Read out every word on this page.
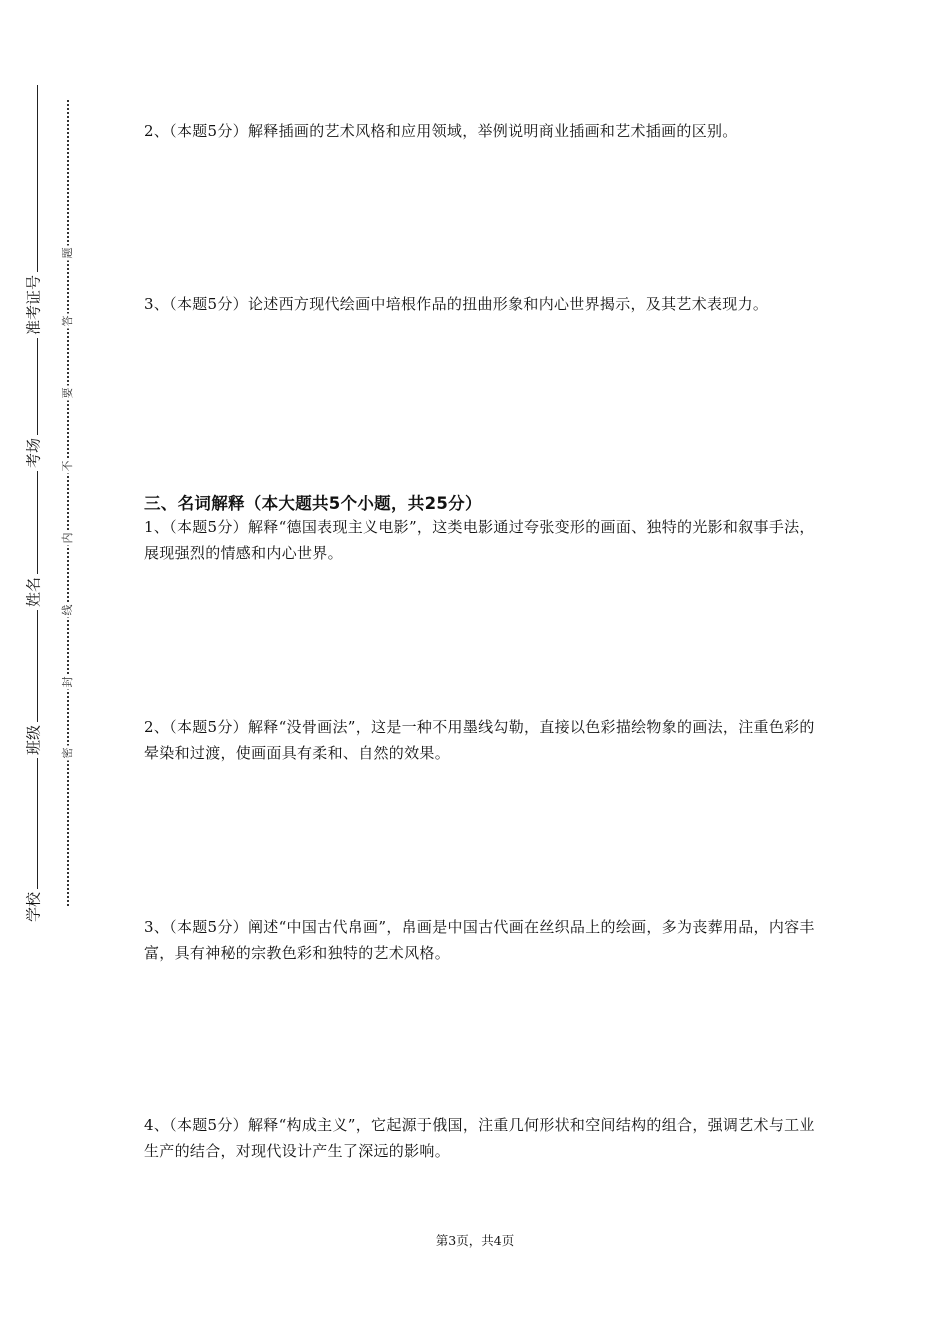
准考证号
考场
姓名
班级
学校
题
答
要
不
内
线
封
密
2、（本题5分）解释插画的艺术风格和应用领域，举例说明商业插画和艺术插画的区别。
3、（本题5分）论述西方现代绘画中培根作品的扭曲形象和内心世界揭示，及其艺术表现力。
三、名词解释（本大题共5个小题，共25分）
1、（本题5分）解释“德国表现主义电影”，这类电影通过夸张变形的画面、独特的光影和叙事手法，展现强烈的情感和内心世界。
2、（本题5分）解释“没骨画法”，这是一种不用墨线勾勒，直接以色彩描绘物象的画法，注重色彩的晕染和过渡，使画面具有柔和、自然的效果。
3、（本题5分）阐述“中国古代帛画”，帛画是中国古代画在丝织品上的绘画，多为丧葬用品，内容丰富，具有神秘的宗教色彩和独特的艺术风格。
4、（本题5分）解释“构成主义”，它起源于俄国，注重几何形状和空间结构的组合，强调艺术与工业生产的结合，对现代设计产生了深远的影响。
第3页，共4页
